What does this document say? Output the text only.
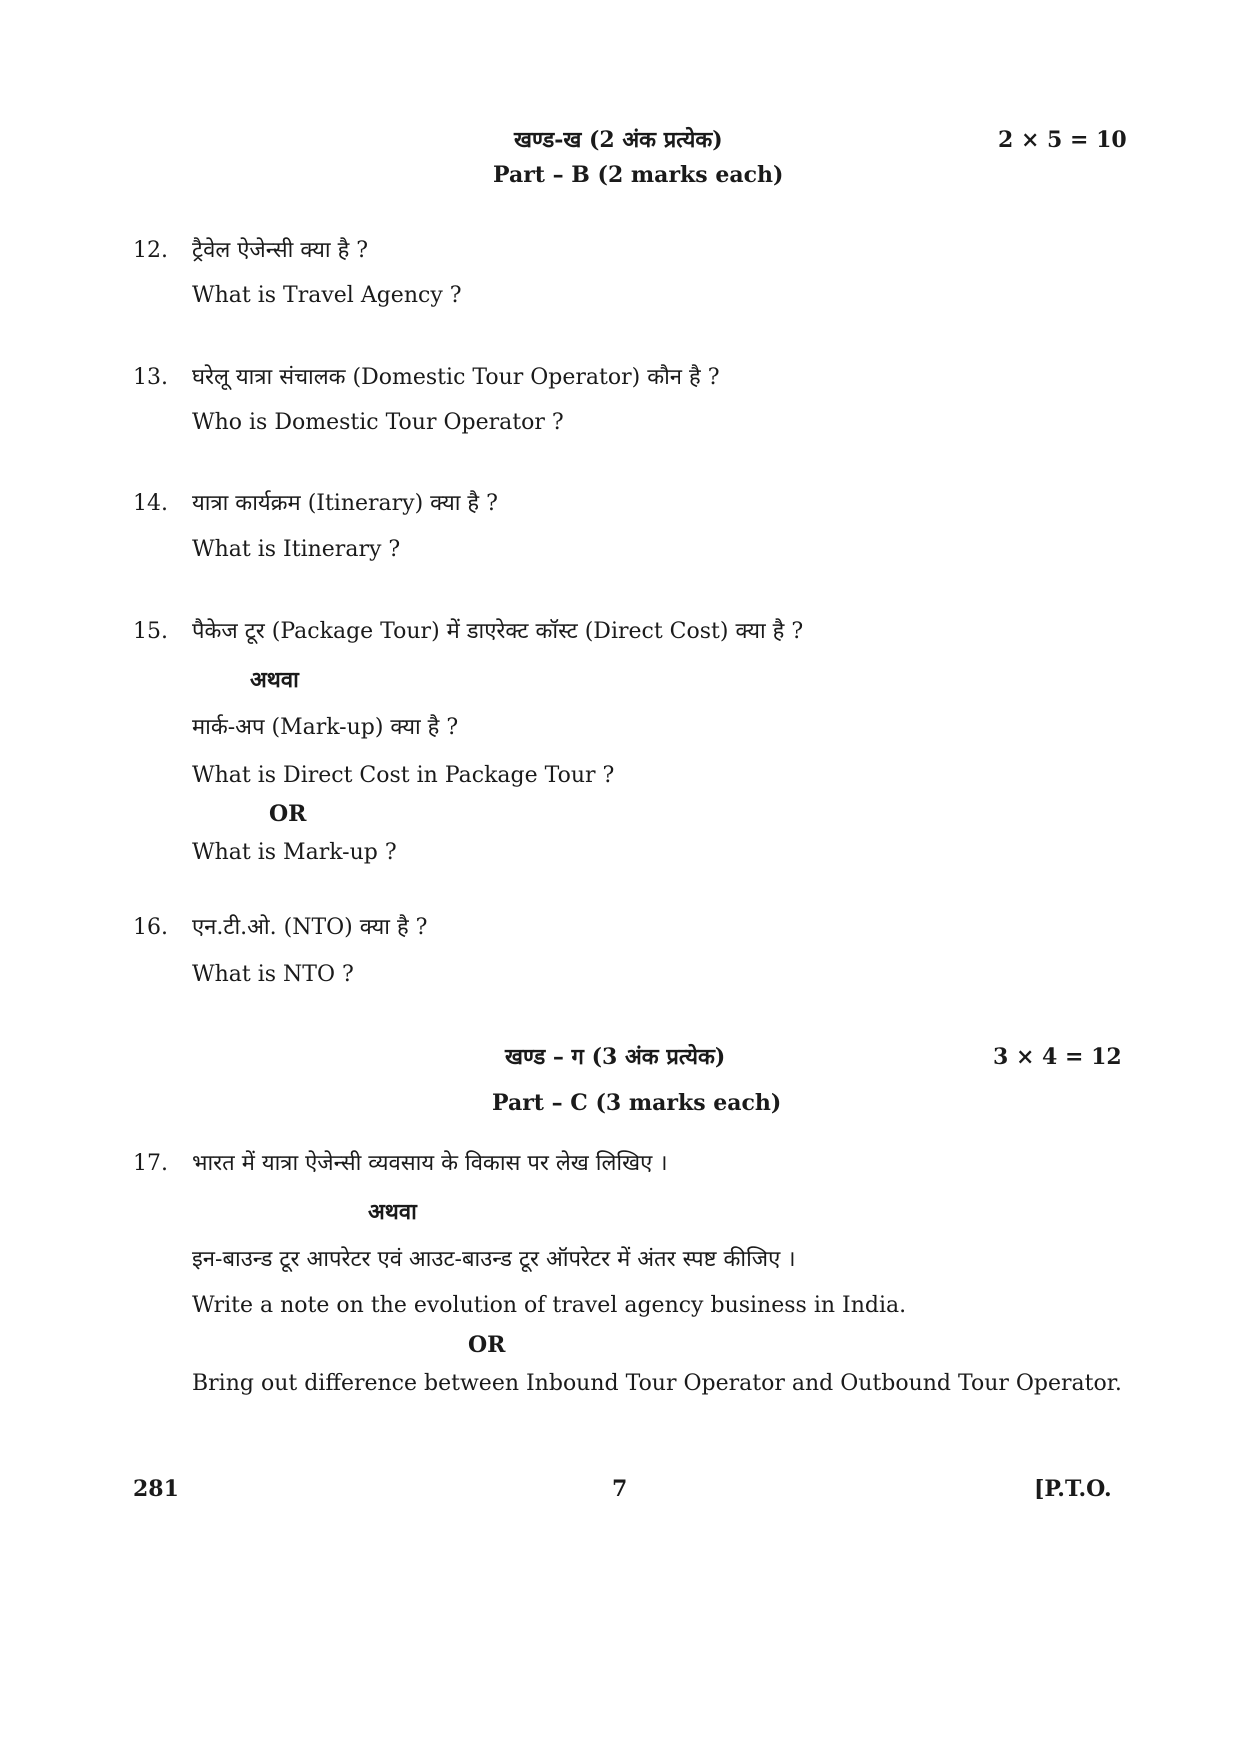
खण्ड-ख (2 अंक प्रत्येक)	2 × 5 = 10
Part – B (2 marks each)
12. ट्रैवेल ऐजेन्सी क्या है ?
What is Travel Agency ?
13. घरेलू यात्रा संचालक (Domestic Tour Operator) कौन है ?
Who is Domestic Tour Operator ?
14. यात्रा कार्यक्रम (Itinerary) क्या है ?
What is Itinerary ?
15. पैकेज टूर (Package Tour) में डाएरेक्ट कॉस्ट (Direct Cost) क्या है ?
अथवा
मार्क-अप (Mark-up) क्या है ?
What is Direct Cost in Package Tour ?
OR
What is Mark-up ?
16. एन.टी.ओ. (NTO) क्या है ?
What is NTO ?
खण्ड – ग (3 अंक प्रत्येक)	3 × 4 = 12
Part – C (3 marks each)
17. भारत में यात्रा ऐजेन्सी व्यवसाय के विकास पर लेख लिखिए ।
अथवा
इन-बाउन्ड टूर आपरेटर एवं आउट-बाउन्ड टूर ऑपरेटर में अंतर स्पष्ट कीजिए ।
Write a note on the evolution of travel agency business in India.
OR
Bring out difference between Inbound Tour Operator and Outbound Tour Operator.
281	7	[P.T.O.
